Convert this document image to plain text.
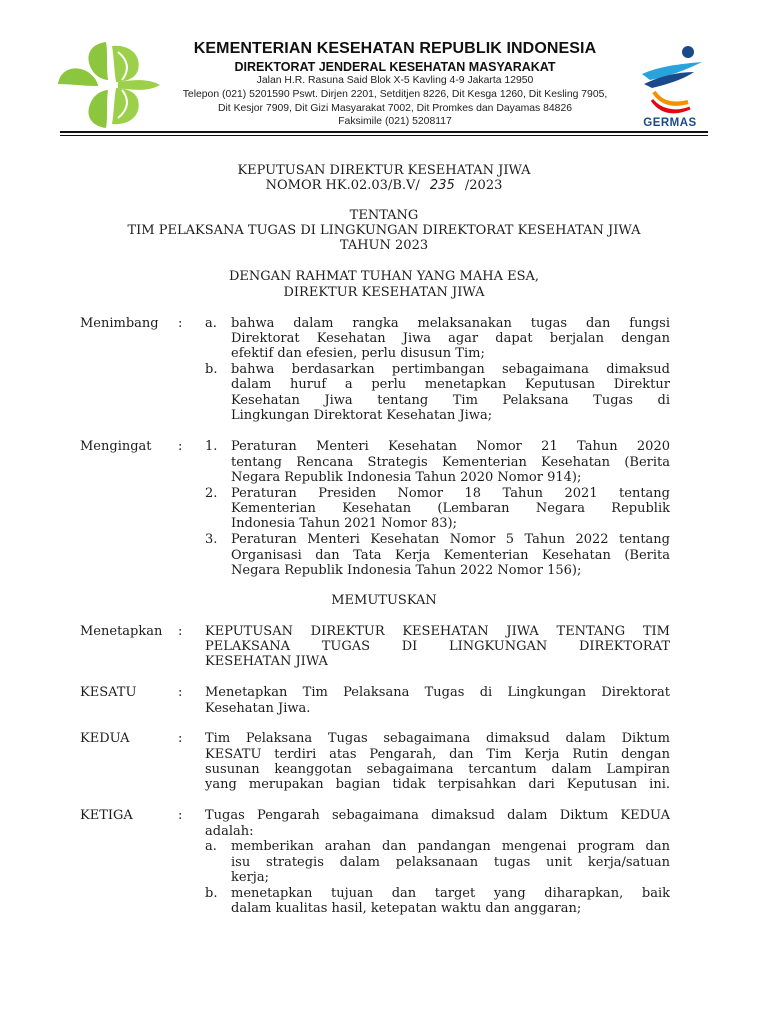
KEMENTERIAN KESEHATAN REPUBLIK INDONESIA
DIREKTORAT JENDERAL KESEHATAN MASYARAKAT
Jalan H.R. Rasuna Said Blok X-5 Kavling 4-9 Jakarta 12950
Telepon (021) 5201590 Pswt. Dirjen 2201, Setditjen 8226, Dit Kesga 1260, Dit Kesling 7905,
Dit Kesjor 7909, Dit Gizi Masyarakat 7002, Dit Promkes dan Dayamas 84826
Faksimile (021) 5208117	GERMAS
KEPUTUSAN DIREKTUR KESEHATAN JIWA
NOMOR HK.02.03/B.V/ 235 /2023
TENTANG
TIM PELAKSANA TUGAS DI LINGKUNGAN DIREKTORAT KESEHATAN JIWA
TAHUN 2023
DENGAN RAHMAT TUHAN YANG MAHA ESA,
DIREKTUR KESEHATAN JIWA
Menimbang : a. bahwa dalam rangka melaksanakan tugas dan fungsi
Direktorat Kesehatan Jiwa agar dapat berjalan dengan
efektif dan efesien, perlu disusun Tim;
b. bahwa berdasarkan pertimbangan sebagaimana dimaksud
dalam huruf a perlu menetapkan Keputusan Direktur
Kesehatan Jiwa tentang Tim Pelaksana Tugas di
Lingkungan Direktorat Kesehatan Jiwa;
Mengingat : 1. Peraturan Menteri Kesehatan Nomor 21 Tahun 2020
tentang Rencana Strategis Kementerian Kesehatan (Berita
Negara Republik Indonesia Tahun 2020 Nomor 914);
2. Peraturan Presiden Nomor 18 Tahun 2021 tentang
Kementerian Kesehatan (Lembaran Negara Republik
Indonesia Tahun 2021 Nomor 83);
3. Peraturan Menteri Kesehatan Nomor 5 Tahun 2022 tentang
Organisasi dan Tata Kerja Kementerian Kesehatan (Berita
Negara Republik Indonesia Tahun 2022 Nomor 156);
MEMUTUSKAN
Menetapkan : KEPUTUSAN DIREKTUR KESEHATAN JIWA TENTANG TIM
PELAKSANA TUGAS DI LINGKUNGAN DIREKTORAT
KESEHATAN JIWA
KESATU	: Menetapkan Tim Pelaksana Tugas di Lingkungan Direktorat
Kesehatan Jiwa.
KEDUA	: Tim Pelaksana Tugas sebagaimana dimaksud dalam Diktum
KESATU terdiri atas Pengarah, dan Tim Kerja Rutin dengan
susunan keanggotan sebagaimana tercantum dalam Lampiran
yang merupakan bagian tidak terpisahkan dari Keputusan ini.
KETIGA	: Tugas Pengarah sebagaimana dimaksud dalam Diktum KEDUA
adalah:
a. memberikan arahan dan pandangan mengenai program dan
isu strategis dalam pelaksanaan tugas unit kerja/satuan
kerja;
b. menetapkan tujuan dan target yang diharapkan, baik
dalam kualitas hasil, ketepatan waktu dan anggaran;
